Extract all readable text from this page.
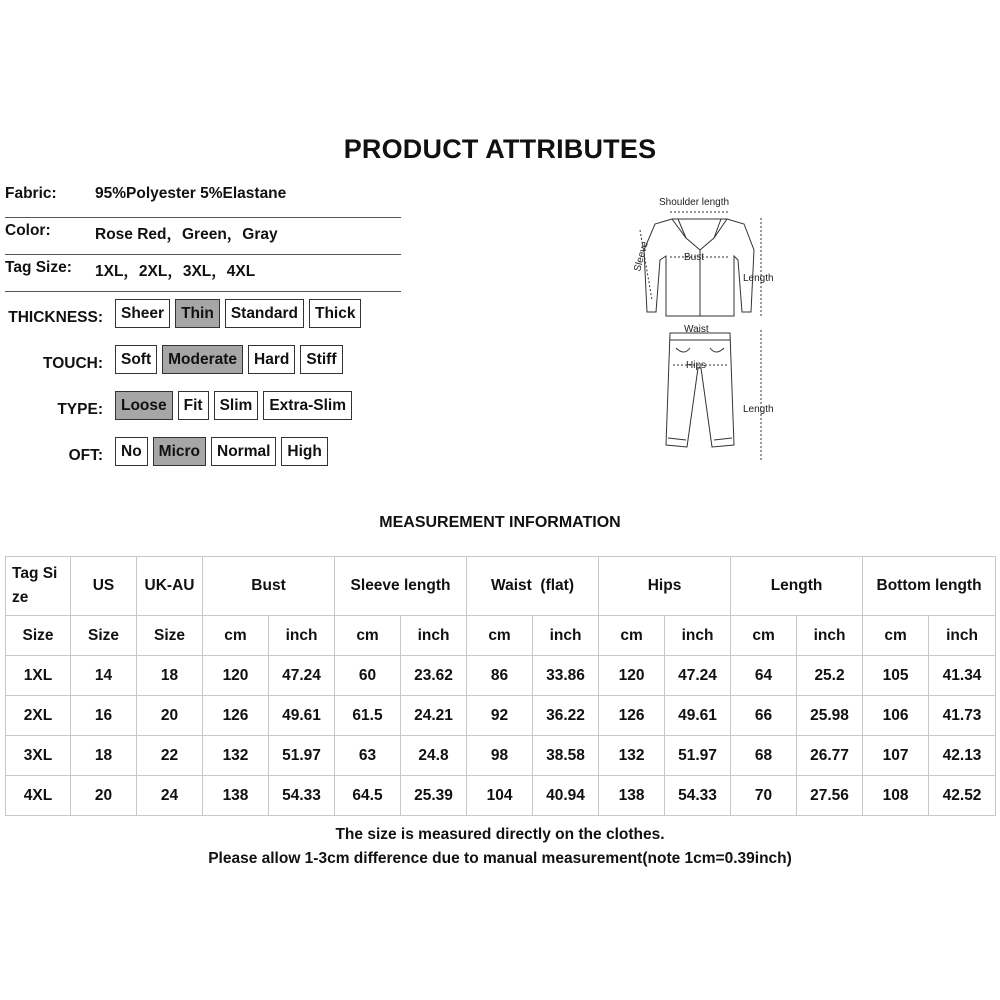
PRODUCT ATTRIBUTES
Fabric: 95%Polyester 5%Elastane
Color:	Rose Red，Green，Gray
Tag Size: 1XL，2XL，3XL，4XL
THICKNESS:	Sheer	Thin	Standard	Thick
TOUCH:	Soft	Moderate	Hard	Stiff
TYPE:	Loose	Fit	Slim	Extra-Slim
OFT:	No	Micro	Normal	High
Shoulder length
Bust
Sleeve
Length
Waist
Hips
Length
MEASUREMENT INFORMATION
Tag Si ze	US	UK-AU	Bust		Sleeve length		Waist  (flat)		Hips		Length		Bottom length	
Size	Size	Size	cm	inch	cm	inch	cm	inch	cm	inch	cm	inch	cm	inch
1XL	14	18	120	47.24	60	23.62	86	33.86	120	47.24	64	25.2	105	41.34
2XL	16	20	126	49.61	61.5	24.21	92	36.22	126	49.61	66	25.98	106	41.73
3XL	18	22	132	51.97	63	24.8	98	38.58	132	51.97	68	26.77	107	42.13
4XL	20	24	138	54.33	64.5	25.39	104	40.94	138	54.33	70	27.56	108	42.52
The size is measured directly on the clothes.
Please allow 1-3cm difference due to manual measurement(note 1cm=0.39inch)
